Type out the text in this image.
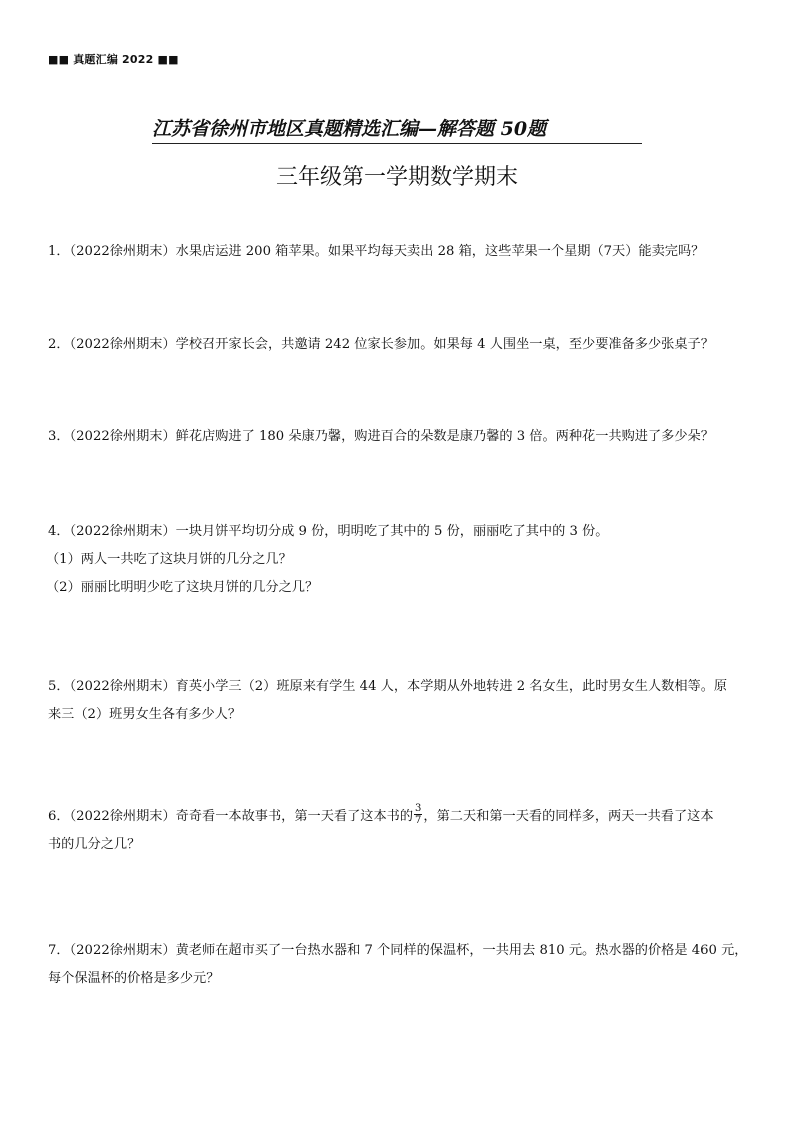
■■ 真题汇编 2022 ■■
江苏省徐州市地区真题精选汇编—解答题 50题
三年级第一学期数学期末

1．（2022徐州期末）水果店运进 200 箱苹果。如果平均每天卖出 28 箱，这些苹果一个星期（7天）能卖完吗？

2．（2022徐州期末）学校召开家长会，共邀请 242 位家长参加。如果每 4 人围坐一桌，至少要准备多少张桌子？

3．（2022徐州期末）鲜花店购进了 180 朵康乃馨，购进百合的朵数是康乃馨的 3 倍。两种花一共购进了多少朵？

4．（2022徐州期末）一块月饼平均切分成 9 份，明明吃了其中的 5 份，丽丽吃了其中的 3 份。

（1）两人一共吃了这块月饼的几分之几？

（2）丽丽比明明少吃了这块月饼的几分之几？

5．（2022徐州期末）育英小学三（2）班原来有学生 44 人，本学期从外地转进 2 名女生，此时男女生人数相等。原

来三（2）班男女生各有多少人？

6．（2022徐州期末）奇奇看一本故事书，第一天看了这本书的 $\frac{3}{7}$ ，第二天和第一天看的同样多，两天一共看了这本

书的几分之几？

7．（2022徐州期末）黄老师在超市买了一台热水器和 7 个同样的保温杯，一共用去 810 元。热水器的价格是 460 元，

每个保温杯的价格是多少元？
